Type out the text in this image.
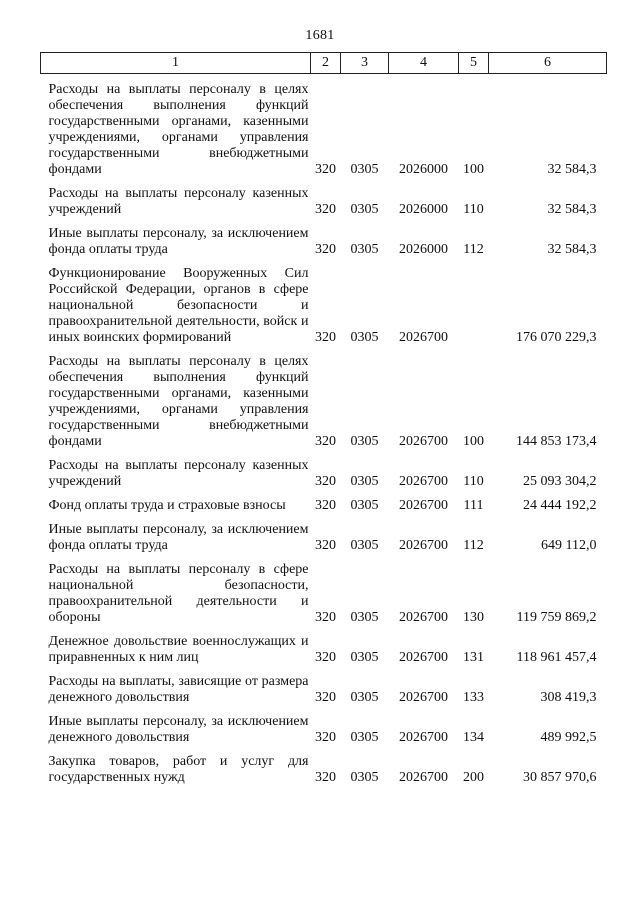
1681
1	2	3	4	5	6

Расходы на выплаты персоналу в целях обеспечения выполнения функций государственными органами, казенными учреждениями, органами управления государственными внебюджетными фондами	320	0305	2026000	100	32 584,3

Расходы на выплаты персоналу казенных учреждений	320	0305	2026000	110	32 584,3

Иные выплаты персоналу, за исключением фонда оплаты труда	320	0305	2026000	112	32 584,3

Функционирование Вооруженных Сил Российской Федерации, органов в сфере национальной безопасности и правоохранительной деятельности, войск и иных воинских формирований	320	0305	2026700		176 070 229,3

Расходы на выплаты персоналу в целях обеспечения выполнения функций государственными органами, казенными учреждениями, органами управления государственными внебюджетными фондами	320	0305	2026700	100	144 853 173,4

Расходы на выплаты персоналу казенных учреждений	320	0305	2026700	110	25 093 304,2

Фонд оплаты труда и страховые взносы	320	0305	2026700	111	24 444 192,2

Иные выплаты персоналу, за исключением фонда оплаты труда	320	0305	2026700	112	649 112,0

Расходы на выплаты персоналу в сфере национальной безопасности, правоохранительной деятельности и обороны	320	0305	2026700	130	119 759 869,2

Денежное довольствие военнослужащих и приравненных к ним лиц	320	0305	2026700	131	118 961 457,4

Расходы на выплаты, зависящие от размера денежного довольствия	320	0305	2026700	133	308 419,3

Иные выплаты персоналу, за исключением денежного довольствия	320	0305	2026700	134	489 992,5

Закупка товаров, работ и услуг для государственных нужд	320	0305	2026700	200	30 857 970,6
